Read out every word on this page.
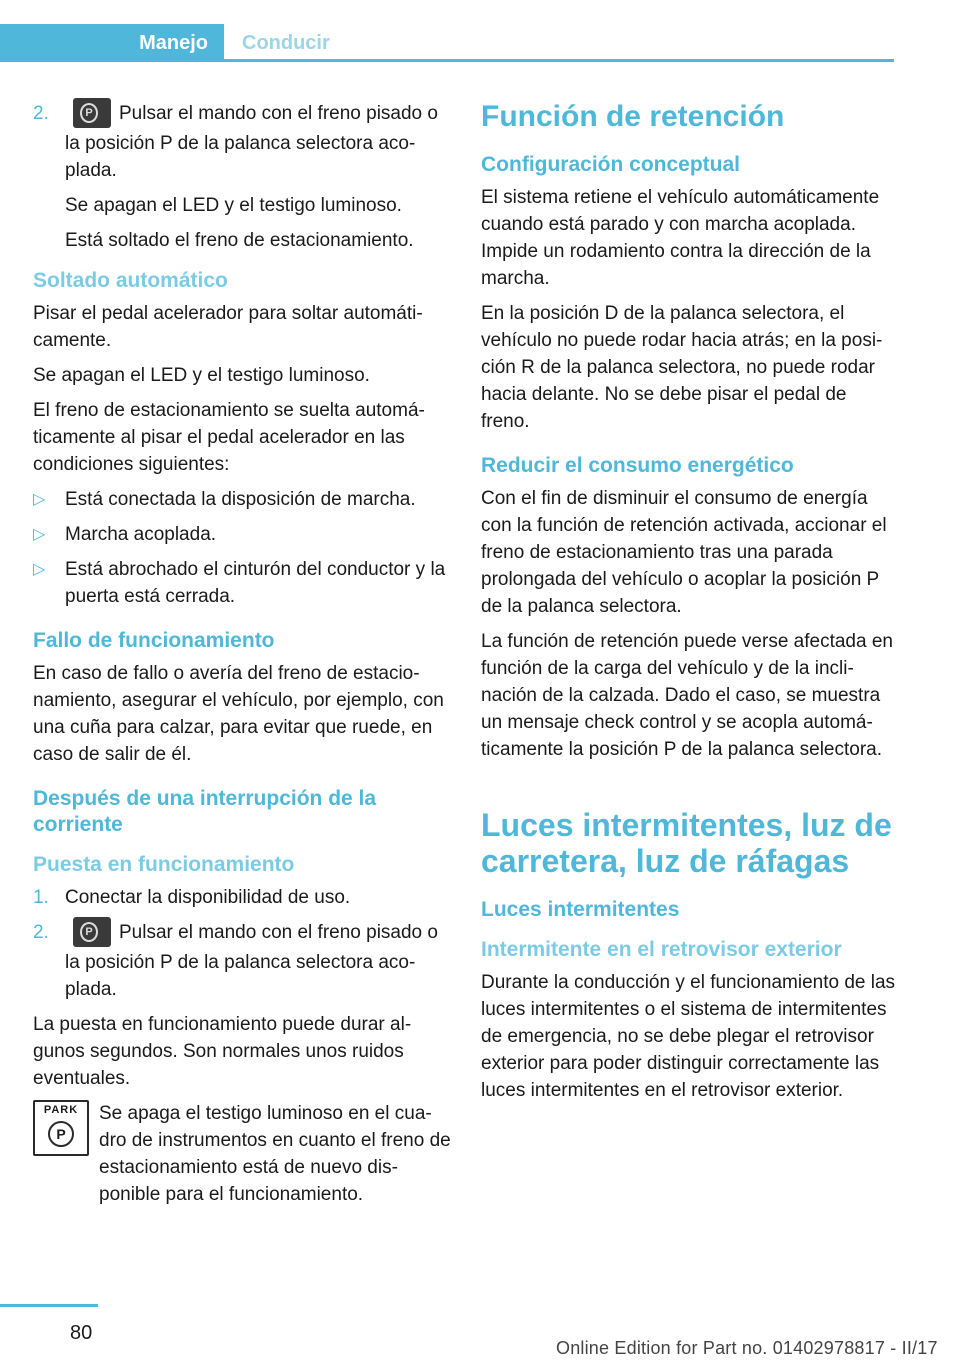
Manejo Conducir
2. P	Pulsar el mando con el freno pisado o la posición P de la palanca selectora acoplada.
Se apagan el LED y el testigo luminoso.
Está soltado el freno de estacionamiento.
Soltado automático

Pisar el pedal acelerador para soltar automáticamente.

Se apagan el LED y el testigo luminoso.

El freno de estacionamiento se suelta automáticamente al pisar el pedal acelerador en las condiciones siguientes:

▷ Está conectada la disposición de marcha.
▷ Marcha acoplada.
▷ Está abrochado el cinturón del conductor y la puerta está cerrada.
Fallo de funcionamiento

En caso de fallo o avería del freno de estacionamiento, asegurar el vehículo, por ejemplo, con una cuña para calzar, para evitar que ruede, en caso de salir de él.

Después de una interrupción de la corriente
Puesta en funcionamiento
1. Conectar la disponibilidad de uso.
2. P	Pulsar el mando con el freno pisado o la posición P de la palanca selectora acoplada.

La puesta en funcionamiento puede durar algunos segundos. Son normales unos ruidos eventuales.

PARK
P

Se apaga el testigo luminoso en el cuadro de instrumentos en cuanto el freno de estacionamiento está de nuevo disponible para el funcionamiento.

Función de retención
Configuración conceptual

El sistema retiene el vehículo automáticamente cuando está parado y con marcha acoplada. Impide un rodamiento contra la dirección de la marcha.

En la posición D de la palanca selectora, el vehículo no puede rodar hacia atrás; en la posición R de la palanca selectora, no puede rodar hacia delante. No se debe pisar el pedal de freno.

Reducir el consumo energético

Con el fin de disminuir el consumo de energía con la función de retención activada, accionar el freno de estacionamiento tras una parada prolongada del vehículo o acoplar la posición P de la palanca selectora.

La función de retención puede verse afectada en función de la carga del vehículo y de la inclinación de la calzada. Dado el caso, se muestra un mensaje check control y se acopla automáticamente la posición P de la palanca selectora.

Luces intermitentes, luz de carretera, luz de ráfagas
Luces intermitentes
Intermitente en el retrovisor exterior

Durante la conducción y el funcionamiento de las luces intermitentes o el sistema de intermitentes de emergencia, no se debe plegar el retrovisor exterior para poder distinguir correctamente las luces intermitentes en el retrovisor exterior.

80
Online Edition for Part no. 01402978817 - II/17
